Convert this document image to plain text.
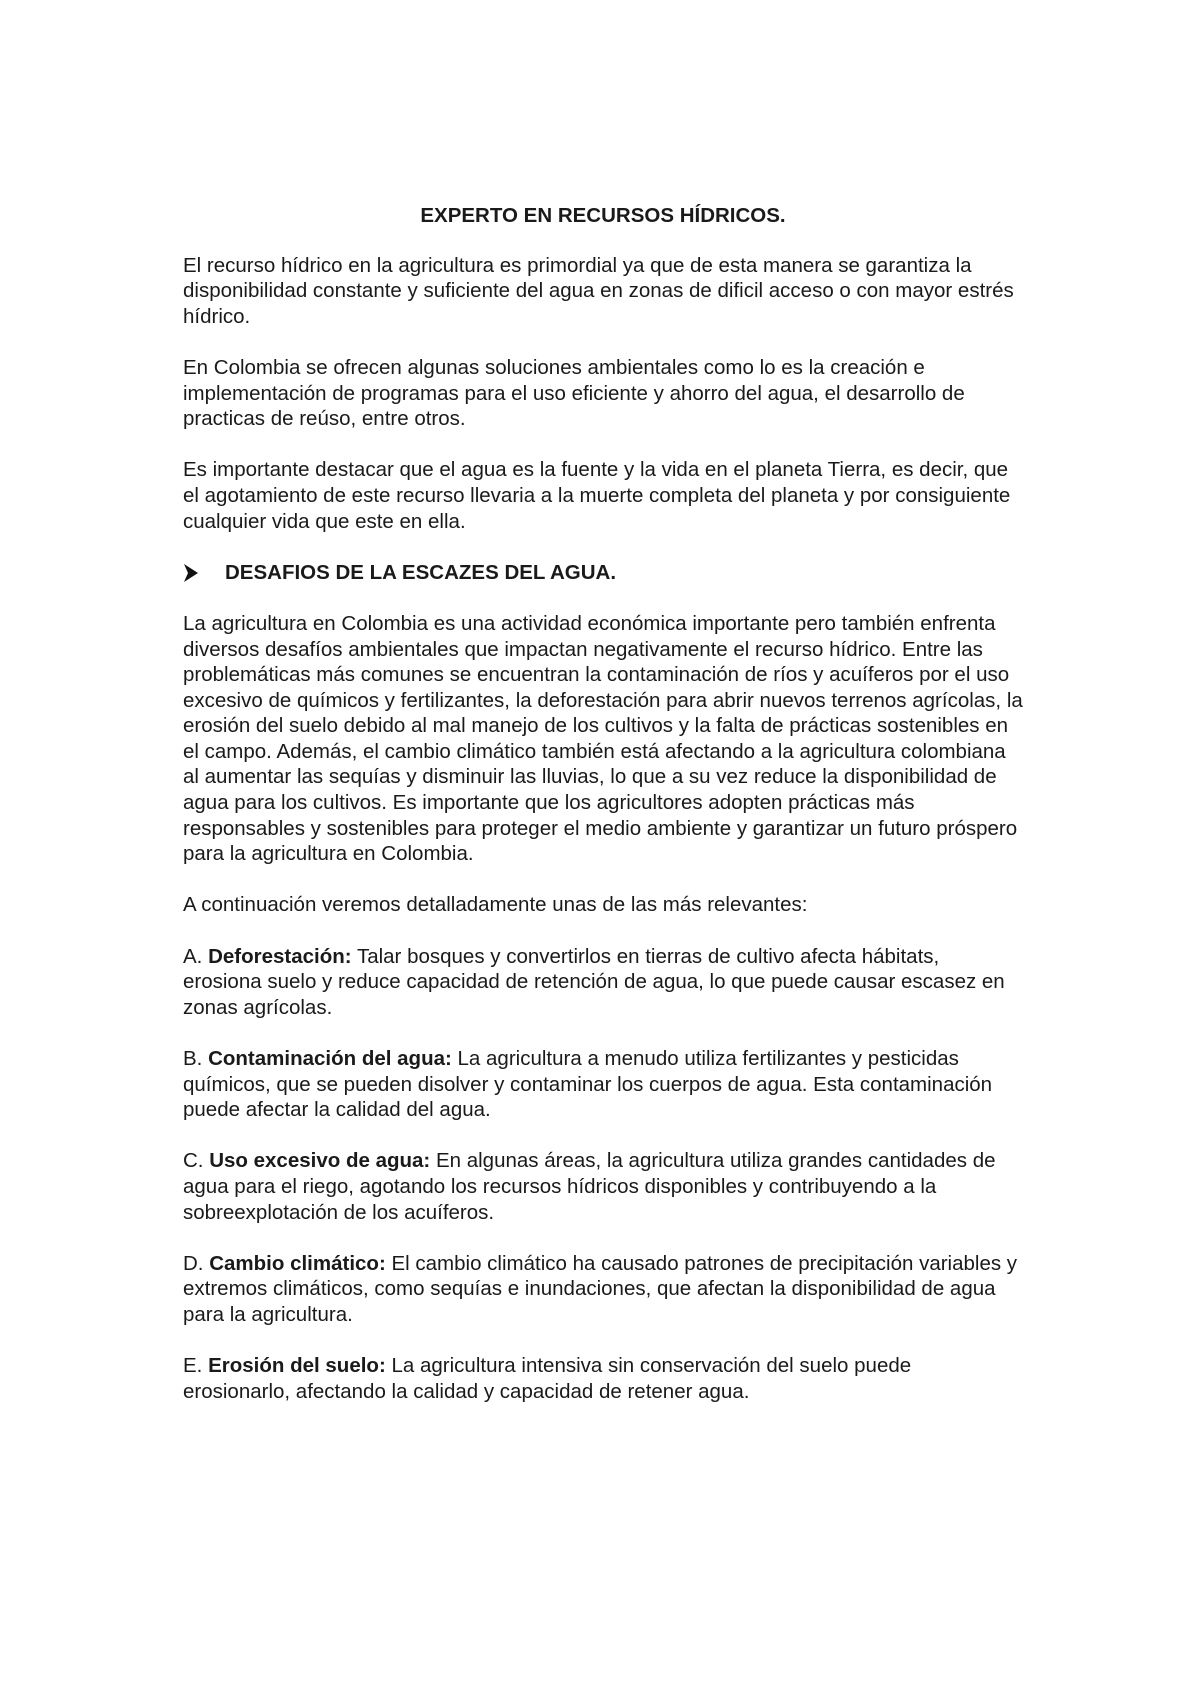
EXPERTO EN RECURSOS HÍDRICOS.

El recurso hídrico en la agricultura es primordial ya que de esta manera se garantiza la disponibilidad constante y suficiente del agua en zonas de dificil acceso o con mayor estrés hídrico.

En Colombia se ofrecen algunas soluciones ambientales como lo es la creación e implementación de programas para el uso eficiente y ahorro del agua, el desarrollo de practicas de reúso, entre otros.

Es importante destacar que el agua es la fuente y la vida en el planeta Tierra, es decir, que el agotamiento de este recurso llevaria a la muerte completa del planeta y por consiguiente cualquier vida que este en ella.

DESAFIOS DE LA ESCAZES DEL AGUA.

La agricultura en Colombia es una actividad económica importante pero también enfrenta diversos desafíos ambientales que impactan negativamente el recurso hídrico. Entre las problemáticas más comunes se encuentran la contaminación de ríos y acuíferos por el uso excesivo de químicos y fertilizantes, la deforestación para abrir nuevos terrenos agrícolas, la erosión del suelo debido al mal manejo de los cultivos y la falta de prácticas sostenibles en el campo. Además, el cambio climático también está afectando a la agricultura colombiana al aumentar las sequías y disminuir las lluvias, lo que a su vez reduce la disponibilidad de agua para los cultivos. Es importante que los agricultores adopten prácticas más responsables y sostenibles para proteger el medio ambiente y garantizar un futuro próspero para la agricultura en Colombia.

A continuación veremos detalladamente unas de las más relevantes:

A. Deforestación: Talar bosques y convertirlos en tierras de cultivo afecta hábitats, erosiona suelo y reduce capacidad de retención de agua, lo que puede causar escasez en zonas agrícolas.

B. Contaminación del agua: La agricultura a menudo utiliza fertilizantes y pesticidas químicos, que se pueden disolver y contaminar los cuerpos de agua. Esta contaminación puede afectar la calidad del agua.

C. Uso excesivo de agua: En algunas áreas, la agricultura utiliza grandes cantidades de agua para el riego, agotando los recursos hídricos disponibles y contribuyendo a la sobreexplotación de los acuíferos.

D. Cambio climático: El cambio climático ha causado patrones de precipitación variables y extremos climáticos, como sequías e inundaciones, que afectan la disponibilidad de agua para la agricultura.

E. Erosión del suelo: La agricultura intensiva sin conservación del suelo puede erosionarlo, afectando la calidad y capacidad de retener agua.
